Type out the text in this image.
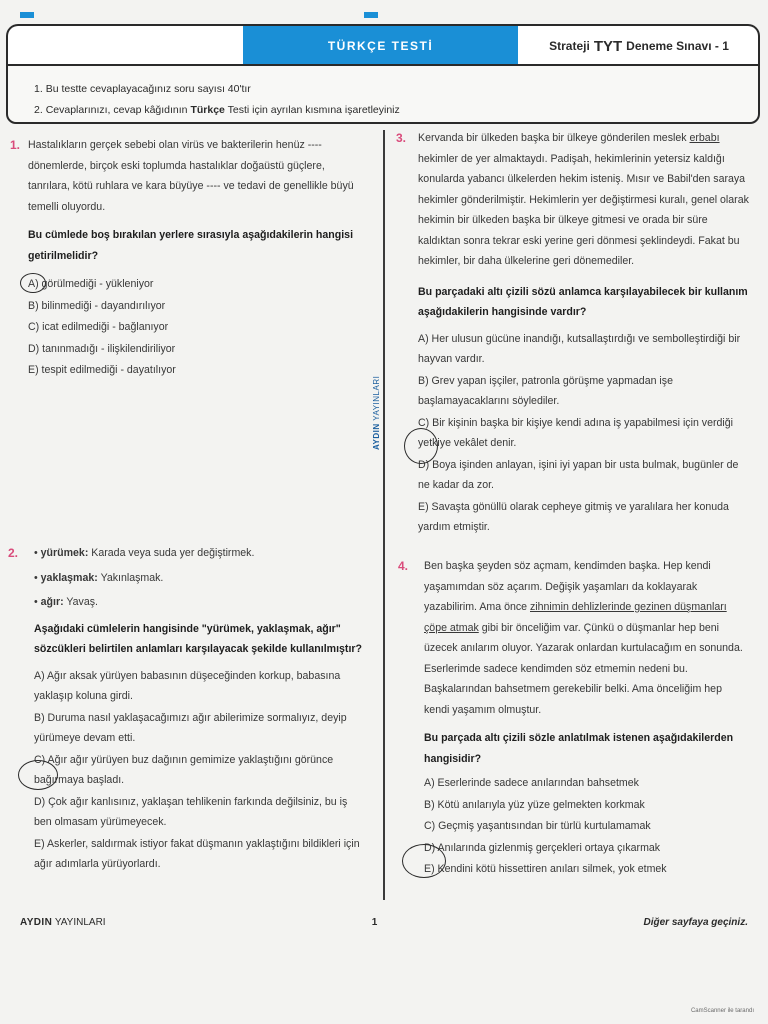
TÜRKÇE TESTİ	Strateji TYT Deneme Sınavı - 1
1. Bu testte cevaplayacağınız soru sayısı 40'tır
2. Cevaplarınızı, cevap kâğıdının Türkçe Testi için ayrılan kısmına işaretleyiniz
AYDIN YAYINLARI
1. Hastalıkların gerçek sebebi olan virüs ve bakterilerin henüz ---- dönemlerde, birçok eski toplumda hastalıklar doğaüstü güçlere, tanrılara, kötü ruhlara ve kara büyüye ---- ve tedavi de genellikle büyü temelli oluyordu.
Bu cümlede boş bırakılan yerlere sırasıyla aşağıdakilerin hangisi getirilmelidir?
A) görülmediği - yükleniyor
B) bilinmediği - dayandırılıyor
C) icat edilmediği - bağlanıyor
D) tanınmadığı - ilişkilendiriliyor
E) tespit edilmediği - dayatılıyor
2. • yürümek: Karada veya suda yer değiştirmek.
• yaklaşmak: Yakınlaşmak.
• ağır: Yavaş.
Aşağıdaki cümlelerin hangisinde "yürümek, yaklaşmak, ağır" sözcükleri belirtilen anlamları karşılayacak şekilde kullanılmıştır?
A) Ağır aksak yürüyen babasının düşeceğinden korkup, babasına yaklaşıp koluna girdi.
B) Duruma nasıl yaklaşacağımızı ağır abilerimize sormalıyız, deyip yürümeye devam etti.
C) Ağır ağır yürüyen buz dağının gemimize yaklaştığını görünce bağırmaya başladı.
D) Çok ağır kanlısınız, yaklaşan tehlikenin farkında değilsiniz, bu iş ben olmasam yürümeyecek.
E) Askerler, saldırmak istiyor fakat düşmanın yaklaştığını bildikleri için ağır adımlarla yürüyorlardı.
3. Kervanda bir ülkeden başka bir ülkeye gönderilen meslek erbabı hekimler de yer almaktaydı. Padişah, hekimlerinin yetersiz kaldığı konularda yabancı ülkelerden hekim isteniş. Mısır ve Babil'den saraya hekimler gönderilmiştir. Hekimlerin yer değiştirmesi kuralı, genel olarak hekimin bir ülkeden başka bir ülkeye gitmesi ve orada bir süre kaldıktan sonra tekrar eski yerine geri dönmesi şeklindeydi. Fakat bu hekimler, bir daha ülkelerine geri dönemediler.
Bu parçadaki altı çizili sözü anlamca karşılayabilecek bir kullanım aşağıdakilerin hangisinde vardır?
A) Her ulusun gücüne inandığı, kutsallaştırdığı ve sembolleştirdiği bir hayvan vardır.
B) Grev yapan işçiler, patronla görüşme yapmadan işe başlamayacaklarını söylediler.
C) Bir kişinin başka bir kişiye kendi adına iş yapabilmesi için verdiği yetkiye vekâlet denir.
D) Boya işinden anlayan, işini iyi yapan bir usta bulmak, bugünler de ne kadar da zor.
E) Savaşta gönüllü olarak cepheye gitmiş ve yaralılara her konuda yardım etmiştir.
4. Ben başka şeyden söz açmam, kendimden başka. Hep kendi yaşamımdan söz açarım. Değişik yaşamları da koklayarak yazabilirim. Ama önce zihnimin dehlizlerinde gezinen düşmanları çöpe atmak gibi bir önceliğim var. Çünkü o düşmanlar hep beni üzecek anılarım oluyor. Yazarak onlardan kurtulacağım en sonunda. Eserlerimde sadece kendimden söz etmemin nedeni bu. Başkalarından bahsetmem gerekebilir belki. Ama önceliğim hep kendi yaşamım olmuştur.
Bu parçada altı çizili sözle anlatılmak istenen aşağıdakilerden hangisidir?
A) Eserlerinde sadece anılarından bahsetmek
B) Kötü anılarıyla yüz yüze gelmekten korkmak
C) Geçmiş yaşantısından bir türlü kurtulamamak
D) Anılarında gizlenmiş gerçekleri ortaya çıkarmak
E) Kendini kötü hissettiren anıları silmek, yok etmek
AYDIN YAYINLARI	1	Diğer sayfaya geçiniz.
CamScanner ile tarandı
